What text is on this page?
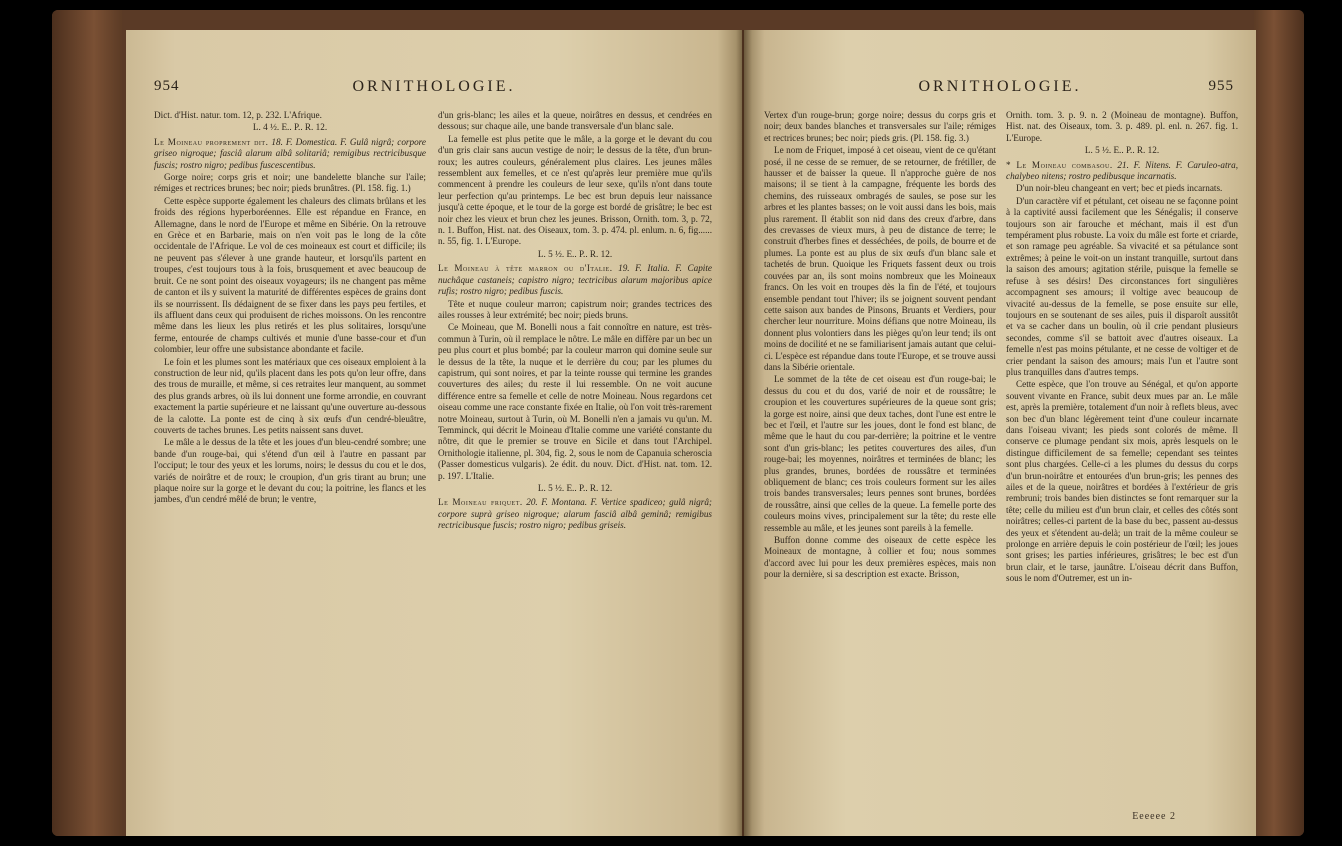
954	ORNITHOLOGIE.

Dict. d'Hist. natur. tom. 12, p. 232. L'Afrique.

L. 4 ½. E.. P.. R. 12.

Le Moineau proprement dit. 18. F. Domestica. F. Gulâ nigrâ; corpore griseo nigroque; fasciâ alarum albâ solitariâ; remigibus rectricibusque fuscis; rostro nigro; pedibus fuscescentibus.

Gorge noire; corps gris et noir; une bandelette blanche sur l'aile; rémiges et rectrices brunes; bec noir; pieds brunâtres. (Pl. 158. fig. 1.)

Cette espèce supporte également les chaleurs des climats brûlans et les froids des régions hyperboréennes. Elle est répandue en France, en Allemagne, dans le nord de l'Europe et même en Sibérie. On la retrouve en Grèce et en Barbarie, mais on n'en voit pas le long de la côte occidentale de l'Afrique. Le vol de ces moineaux est court et difficile; ils ne peuvent pas s'élever à une grande hauteur, et lorsqu'ils partent en troupes, c'est toujours tous à la fois, brusquement et avec beaucoup de bruit. Ce ne sont point des oiseaux voyageurs; ils ne changent pas même de canton et ils y suivent la maturité de différentes espèces de grains dont ils se nourrissent. Ils dédaignent de se fixer dans les pays peu fertiles, et ils affluent dans ceux qui produisent de riches moissons. On les rencontre même dans les lieux les plus retirés et les plus solitaires, lorsqu'une ferme, entourée de champs cultivés et munie d'une basse-cour et d'un colombier, leur offre une subsistance abondante et facile.

Le foin et les plumes sont les matériaux que ces oiseaux emploient à la construction de leur nid, qu'ils placent dans les pots qu'on leur offre, dans des trous de muraille, et même, si ces retraites leur manquent, au sommet des plus grands arbres, où ils lui donnent une forme arrondie, en couvrant exactement la partie supérieure et ne laissant qu'une ouverture au-dessous de la calotte. La ponte est de cinq à six œufs d'un cendré-bleuâtre, couverts de taches brunes. Les petits naissent sans duvet.

Le mâle a le dessus de la tête et les joues d'un bleu-cendré sombre; une bande d'un rouge-bai, qui s'étend d'un œil à l'autre en passant par l'occiput; le tour des yeux et les lorums, noirs; le dessus du cou et le dos, variés de noirâtre et de roux; le croupion, d'un gris tirant au brun; une plaque noire sur la gorge et le devant du cou; la poitrine, les flancs et les jambes, d'un cendré mêlé de brun; le ventre,

d'un gris-blanc; les ailes et la queue, noirâtres en dessus, et cendrées en dessous; sur chaque aile, une bande transversale d'un blanc sale.

La femelle est plus petite que le mâle, a la gorge et le devant du cou d'un gris clair sans aucun vestige de noir; le dessus de la tête, d'un brun-roux; les autres couleurs, généralement plus claires. Les jeunes mâles ressemblent aux femelles, et ce n'est qu'après leur première mue qu'ils commencent à prendre les couleurs de leur sexe, qu'ils n'ont dans toute leur perfection qu'au printemps. Le bec est brun depuis leur naissance jusqu'à cette époque, et le tour de la gorge est bordé de grisâtre; le bec est noir chez les vieux et brun chez les jeunes. Brisson, Ornith. tom. 3, p. 72, n. 1. Buffon, Hist. nat. des Oiseaux, tom. 3. p. 474. pl. enlum. n. 6, fig...... n. 55, fig. 1. L'Europe.

L. 5 ½. E.. P.. R. 12.

Le Moineau à tête marron ou d'Italie. 19. F. Italia. F. Capite nuchâque castaneis; capistro nigro; tectricibus alarum majoribus apice rufis; rostro nigro; pedibus fuscis.

Tête et nuque couleur marron; capistrum noir; grandes tectrices des ailes rousses à leur extrémité; bec noir; pieds bruns.

Ce Moineau, que M. Bonelli nous a fait connoître en nature, est très-commun à Turin, où il remplace le nôtre. Le mâle en diffère par un bec un peu plus court et plus bombé; par la couleur marron qui domine seule sur le dessus de la tête, la nuque et le derrière du cou; par les plumes du capistrum, qui sont noires, et par la teinte rousse qui termine les grandes couvertures des ailes; du reste il lui ressemble. On ne voit aucune différence entre sa femelle et celle de notre Moineau. Nous regardons cet oiseau comme une race constante fixée en Italie, où l'on voit très-rarement notre Moineau, surtout à Turin, où M. Bonelli n'en a jamais vu qu'un. M. Temminck, qui décrit le Moineau d'Italie comme une variété constante du nôtre, dit que le premier se trouve en Sicile et dans tout l'Archipel. Ornithologie italienne, pl. 304, fig. 2, sous le nom de Capanuia scheroscia (Passer domesticus vulgaris). 2e édit. du nouv. Dict. d'Hist. nat. tom. 12. p. 197. L'Italie.

L. 5 ½. E.. P.. R. 12.

Le Moineau friquet. 20. F. Montana. F. Vertice spadiceo; gulâ nigrâ; corpore suprà griseo nigroque; alarum fasciâ albâ geminâ; remigibus rectricibusque fuscis; rostro nigro; pedibus griseis.

ORNITHOLOGIE.	955

Vertex d'un rouge-brun; gorge noire; dessus du corps gris et noir; deux bandes blanches et transversales sur l'aile; rémiges et rectrices brunes; bec noir; pieds gris. (Pl. 158. fig. 3.)

Le nom de Friquet, imposé à cet oiseau, vient de ce qu'étant posé, il ne cesse de se remuer, de se retourner, de frétiller, de hausser et de baisser la queue. Il n'approche guère de nos maisons; il se tient à la campagne, fréquente les bords des chemins, des ruisseaux ombragés de saules, se pose sur les arbres et les plantes basses; on le voit aussi dans les bois, mais plus rarement. Il établit son nid dans des creux d'arbre, dans des crevasses de vieux murs, à peu de distance de terre; le construit d'herbes fines et desséchées, de poils, de bourre et de plumes. La ponte est au plus de six œufs d'un blanc sale et tachetés de brun. Quoique les Friquets fassent deux ou trois couvées par an, ils sont moins nombreux que les Moineaux francs. On les voit en troupes dès la fin de l'été, et toujours ensemble pendant tout l'hiver; ils se joignent souvent pendant cette saison aux bandes de Pinsons, Bruants et Verdiers, pour chercher leur nourriture. Moins défians que notre Moineau, ils donnent plus volontiers dans les pièges qu'on leur tend; ils ont moins de docilité et ne se familiarisent jamais autant que celui-ci. L'espèce est répandue dans toute l'Europe, et se trouve aussi dans la Sibérie orientale.

Le sommet de la tête de cet oiseau est d'un rouge-bai; le dessus du cou et du dos, varié de noir et de roussâtre; le croupion et les couvertures supérieures de la queue sont gris; la gorge est noire, ainsi que deux taches, dont l'une est entre le bec et l'œil, et l'autre sur les joues, dont le fond est blanc, de même que le haut du cou par-derrière; la poitrine et le ventre sont d'un gris-blanc; les petites couvertures des ailes, d'un rouge-bai; les moyennes, noirâtres et terminées de blanc; les plus grandes, brunes, bordées de roussâtre et terminées obliquement de blanc; ces trois couleurs forment sur les ailes trois bandes transversales; leurs pennes sont brunes, bordées de roussâtre, ainsi que celles de la queue. La femelle porte des couleurs moins vives, principalement sur la tête; du reste elle ressemble au mâle, et les jeunes sont pareils à la femelle.

Buffon donne comme des oiseaux de cette espèce les Moineaux de montagne, à collier et fou; nous sommes d'accord avec lui pour les deux premières espèces, mais non pour la dernière, si sa description est exacte. Brisson,

Ornith. tom. 3. p. 9. n. 2 (Moineau de montagne). Buffon, Hist. nat. des Oiseaux, tom. 3. p. 489. pl. enl. n. 267. fig. 1. L'Europe.

L. 5 ½. E.. P.. R. 12.

* Le Moineau combasou. 21. F. Nitens. F. Caruleo-atra, chalybeo nitens; rostro pedibusque incarnatis.

D'un noir-bleu changeant en vert; bec et pieds incarnats.

D'un caractère vif et pétulant, cet oiseau ne se façonne point à la captivité aussi facilement que les Sénégalis; il conserve toujours son air farouche et méchant, mais il est d'un tempérament plus robuste. La voix du mâle est forte et criarde, et son ramage peu agréable. Sa vivacité et sa pétulance sont extrêmes; à peine le voit-on un instant tranquille, surtout dans la saison des amours; agitation stérile, puisque la femelle se refuse à ses désirs! Des circonstances fort singulières accompagnent ses amours; il voltige avec beaucoup de vivacité au-dessus de la femelle, se pose ensuite sur elle, toujours en se soutenant de ses ailes, puis il disparoît aussitôt et va se cacher dans un boulin, où il crie pendant plusieurs secondes, comme s'il se battoit avec d'autres oiseaux. La femelle n'est pas moins pétulante, et ne cesse de voltiger et de crier pendant la saison des amours; mais l'un et l'autre sont plus tranquilles dans d'autres temps.

Cette espèce, que l'on trouve au Sénégal, et qu'on apporte souvent vivante en France, subit deux mues par an. Le mâle est, après la première, totalement d'un noir à reflets bleus, avec son bec d'un blanc légèrement teint d'une couleur incarnate dans l'oiseau vivant; les pieds sont colorés de même. Il conserve ce plumage pendant six mois, après lesquels on le distingue difficilement de sa femelle; cependant ses teintes sont plus chargées. Celle-ci a les plumes du dessus du corps d'un brun-noirâtre et entourées d'un brun-gris; les pennes des ailes et de la queue, noirâtres et bordées à l'extérieur de gris rembruni; trois bandes bien distinctes se font remarquer sur la tête; celle du milieu est d'un brun clair, et celles des côtés sont noirâtres; celles-ci partent de la base du bec, passent au-dessus des yeux et s'étendent au-delà; un trait de la même couleur se prolonge en arrière depuis le coin postérieur de l'œil; les joues sont grises; les parties inférieures, grisâtres; le bec est d'un brun clair, et le tarse, jaunâtre. L'oiseau décrit dans Buffon, sous le nom d'Outremer, est un in-

Eeeeee 2
